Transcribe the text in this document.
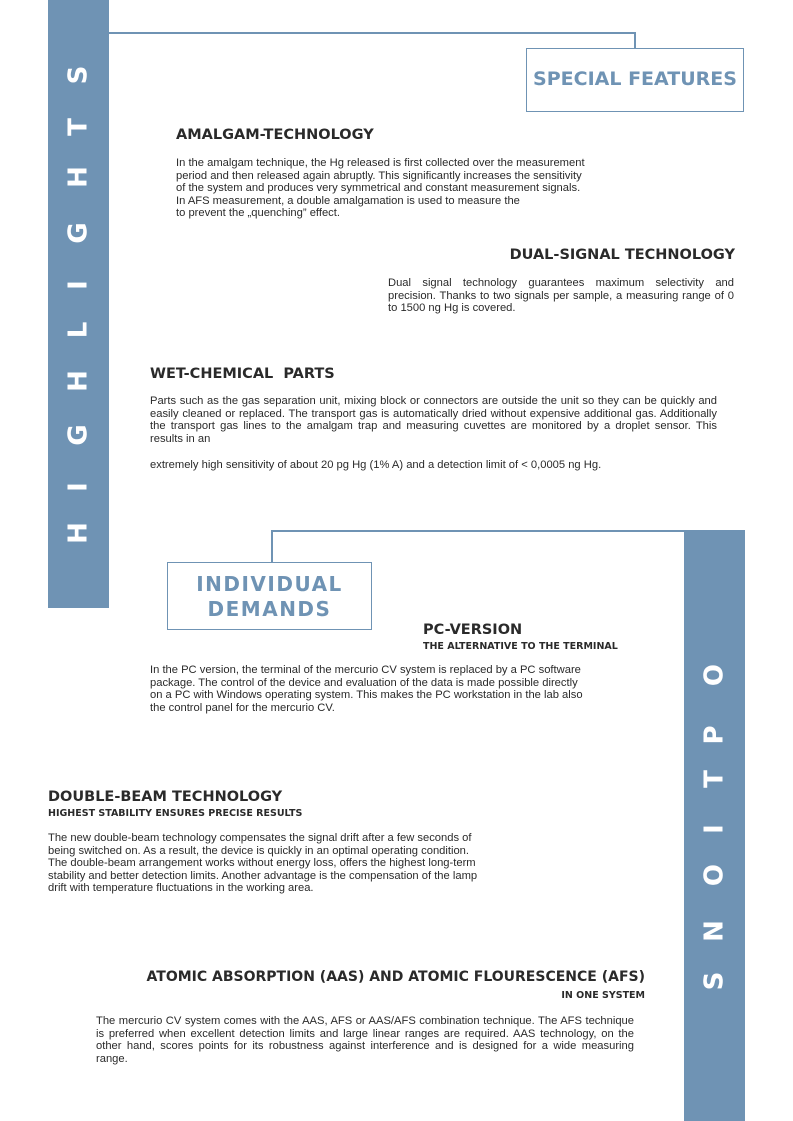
S
T
H
G
I
L
H
G
I
H
SPECIAL FEATURES
AMALGAM-TECHNOLOGY

In the amalgam technique, the Hg released is first collected over the measurement

period and then released again abruptly. This significantly increases the sensitivity

of the system and produces very symmetrical and constant measurement signals.

In AFS measurement, a double amalgamation is used to measure the

to prevent the „quenching” effect.

DUAL-SIGNAL TECHNOLOGY

Dual signal technology guarantees maximum selectivity and precision. Thanks to two signals per sample, a measuring range of 0 to 1500 ng Hg is covered.

WET-CHEMICAL  PARTS

Parts such as the gas separation unit, mixing block or connectors are outside the unit so they can be quickly and easily cleaned or replaced. The transport gas is automatically dried without expensive additional gas. Additionally the transport gas lines to the amalgam trap and measuring cuvettes are monitored by a droplet sensor. This results in an

extremely high sensitivity of about 20 pg Hg (1% A) and a detection limit of < 0,0005 ng Hg.

O
P
T
I
O
N
S
INDIVIDUAL
DEMANDS
PC-VERSION
THE ALTERNATIVE TO THE TERMINAL

In the PC version, the terminal of the mercurio CV system is replaced by a PC software

package. The control of the device and evaluation of the data is made possible directly

on a PC with Windows operating system. This makes the PC workstation in the lab also

the control panel for the mercurio CV.

DOUBLE-BEAM TECHNOLOGY
HIGHEST STABILITY ENSURES PRECISE RESULTS

The new double-beam technology compensates the signal drift after a few seconds of

being switched on. As a result, the device is quickly in an optimal operating condition.

The double-beam arrangement works without energy loss, offers the highest long-term

stability and better detection limits. Another advantage is the compensation of the lamp

drift with temperature fluctuations in the working area.

ATOMIC ABSORPTION (AAS) AND ATOMIC FLOURESCENCE (AFS)
IN ONE SYSTEM

The mercurio CV system comes with the AAS, AFS or AAS/AFS combination technique. The AFS technique is preferred when excellent detection limits and large linear ranges are required. AAS technology, on the other hand, scores points for its robustness against interference and is designed for a wide measuring range.
